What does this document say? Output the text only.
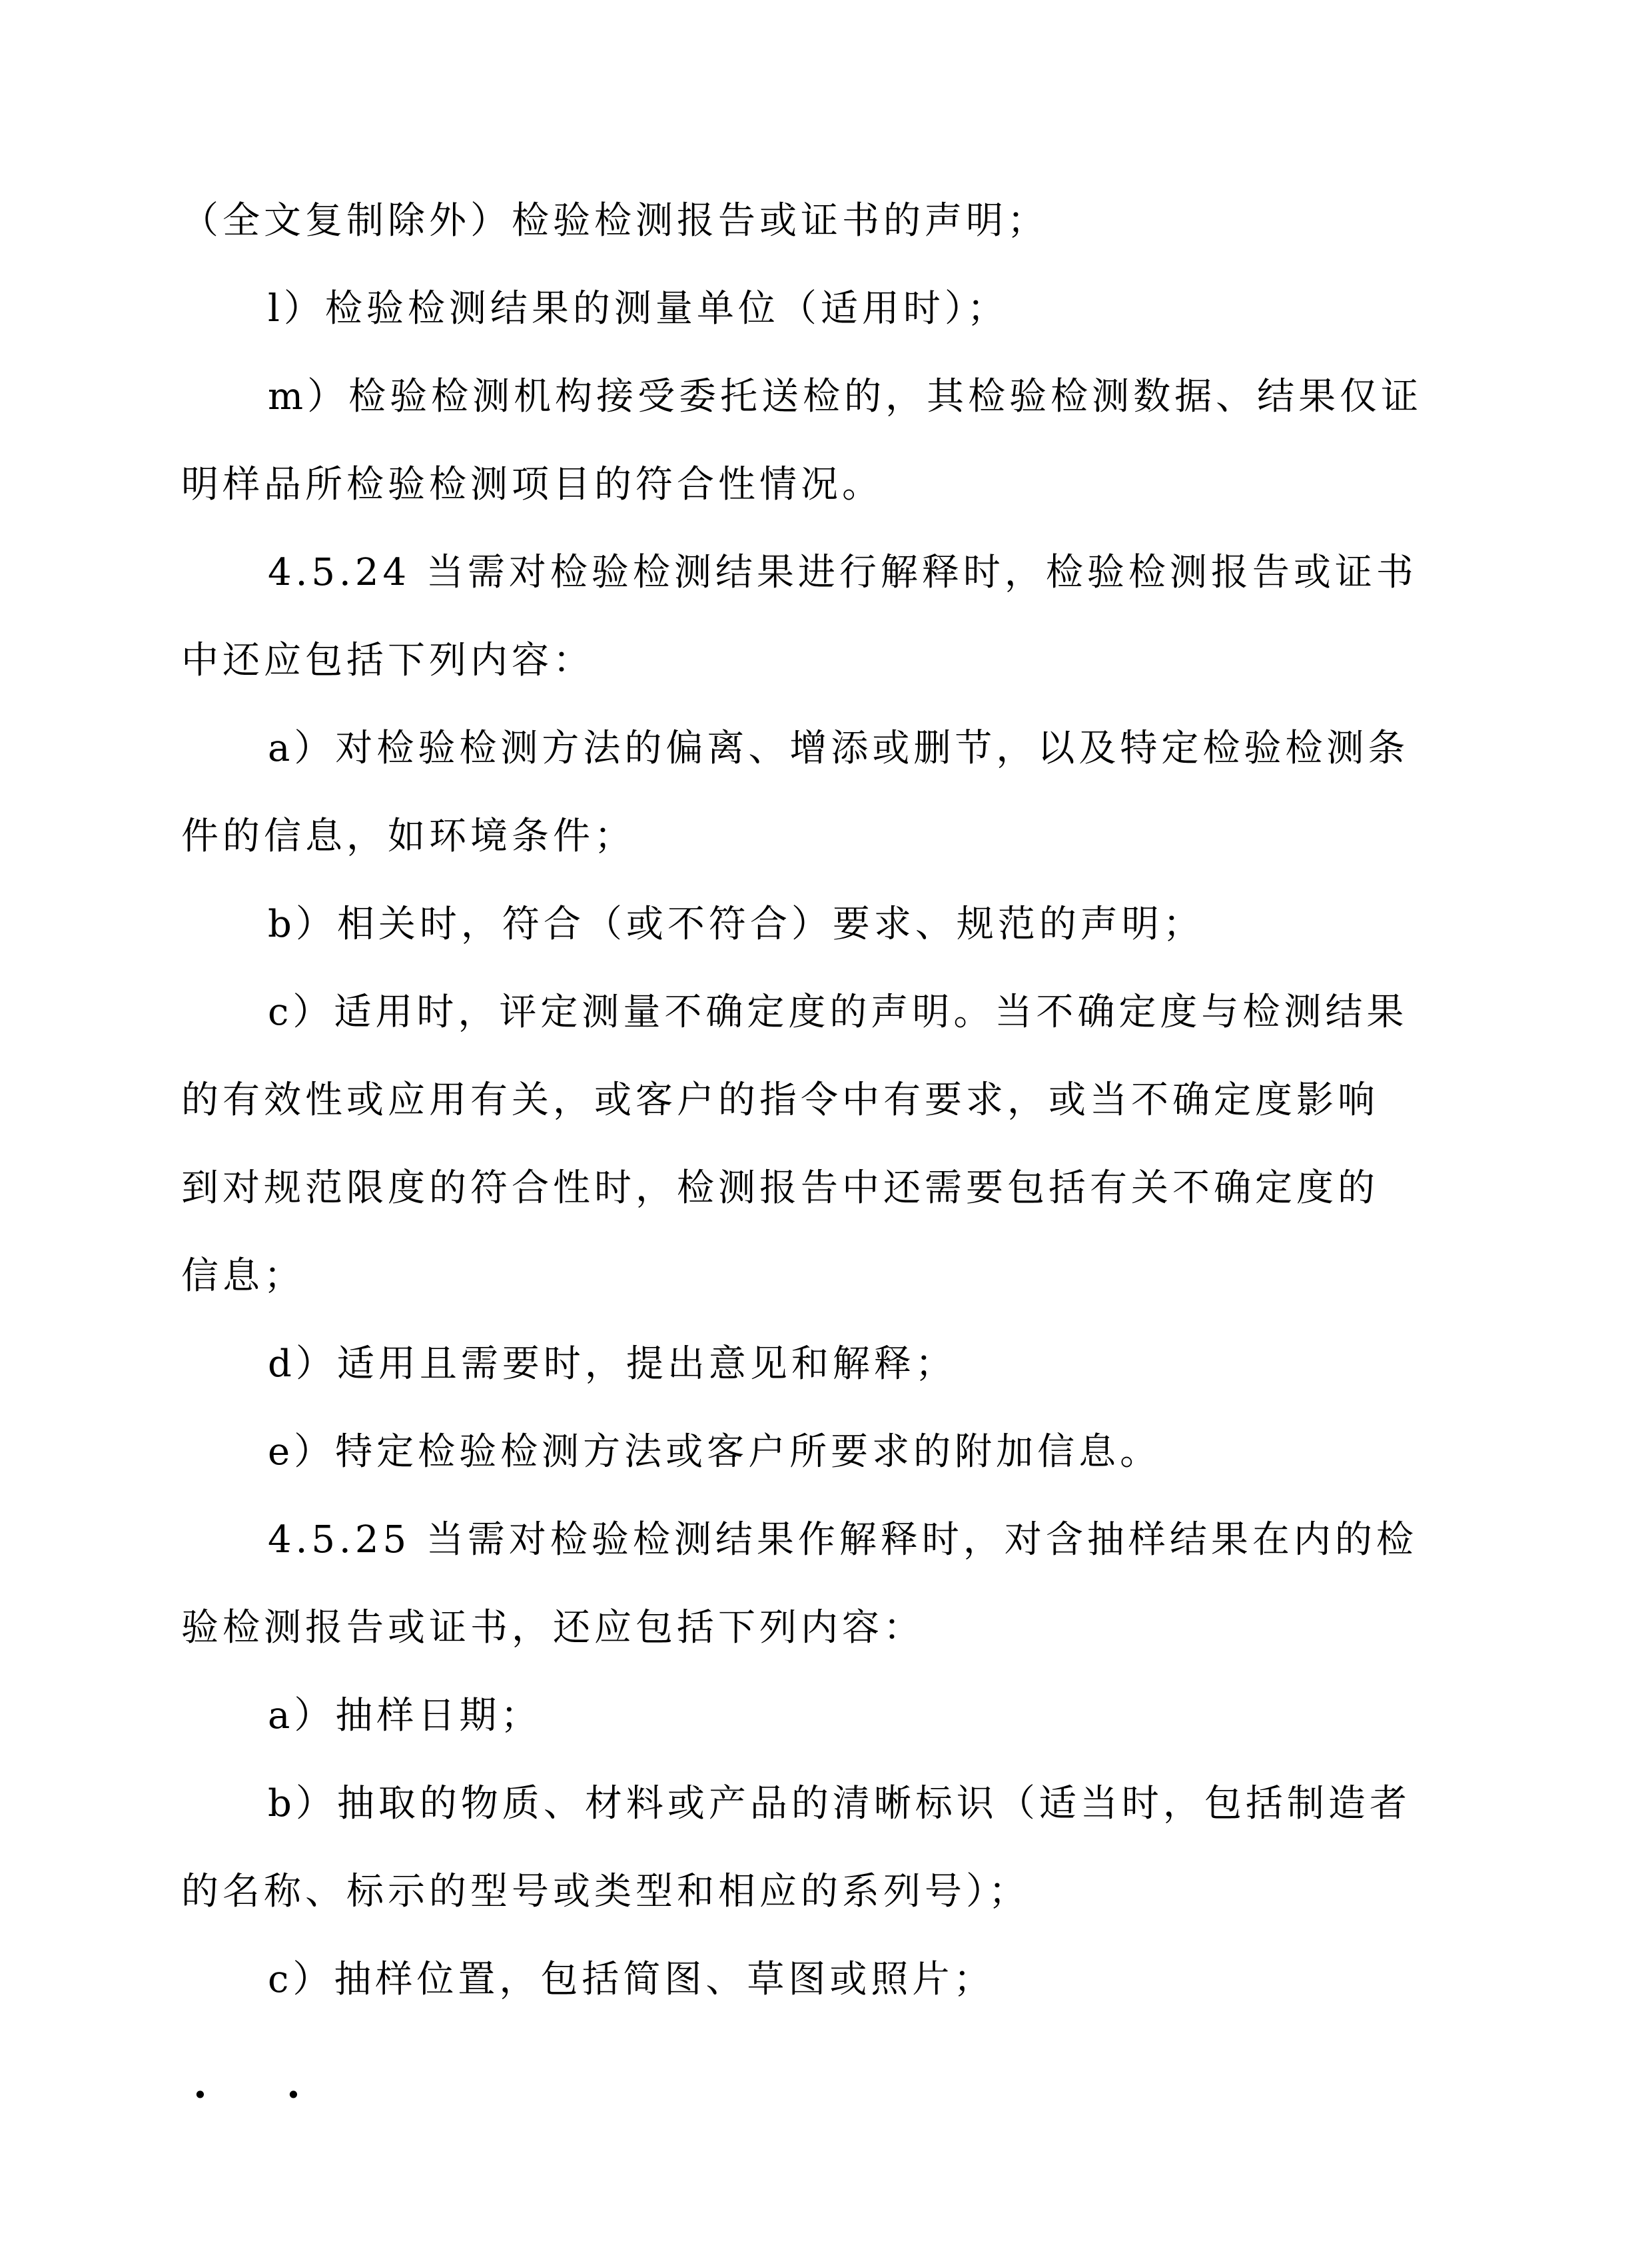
（全文复制除外）检验检测报告或证书的声明；
l）检验检测结果的测量单位（适用时）；
m）检验检测机构接受委托送检的，其检验检测数据、结果仅证
明样品所检验检测项目的符合性情况。
4.5.24 当需对检验检测结果进行解释时，检验检测报告或证书
中还应包括下列内容：
a）对检验检测方法的偏离、增添或删节，以及特定检验检测条
件的信息，如环境条件；
b）相关时，符合（或不符合）要求、规范的声明；
c）适用时，评定测量不确定度的声明。当不确定度与检测结果
的有效性或应用有关，或客户的指令中有要求，或当不确定度影响
到对规范限度的符合性时，检测报告中还需要包括有关不确定度的
信息；
d）适用且需要时，提出意见和解释；
e）特定检验检测方法或客户所要求的附加信息。
4.5.25 当需对检验检测结果作解释时，对含抽样结果在内的检
验检测报告或证书，还应包括下列内容：
a）抽样日期；
b）抽取的物质、材料或产品的清晰标识（适当时，包括制造者
的名称、标示的型号或类型和相应的系列号）；
c）抽样位置，包括简图、草图或照片；
· ·
